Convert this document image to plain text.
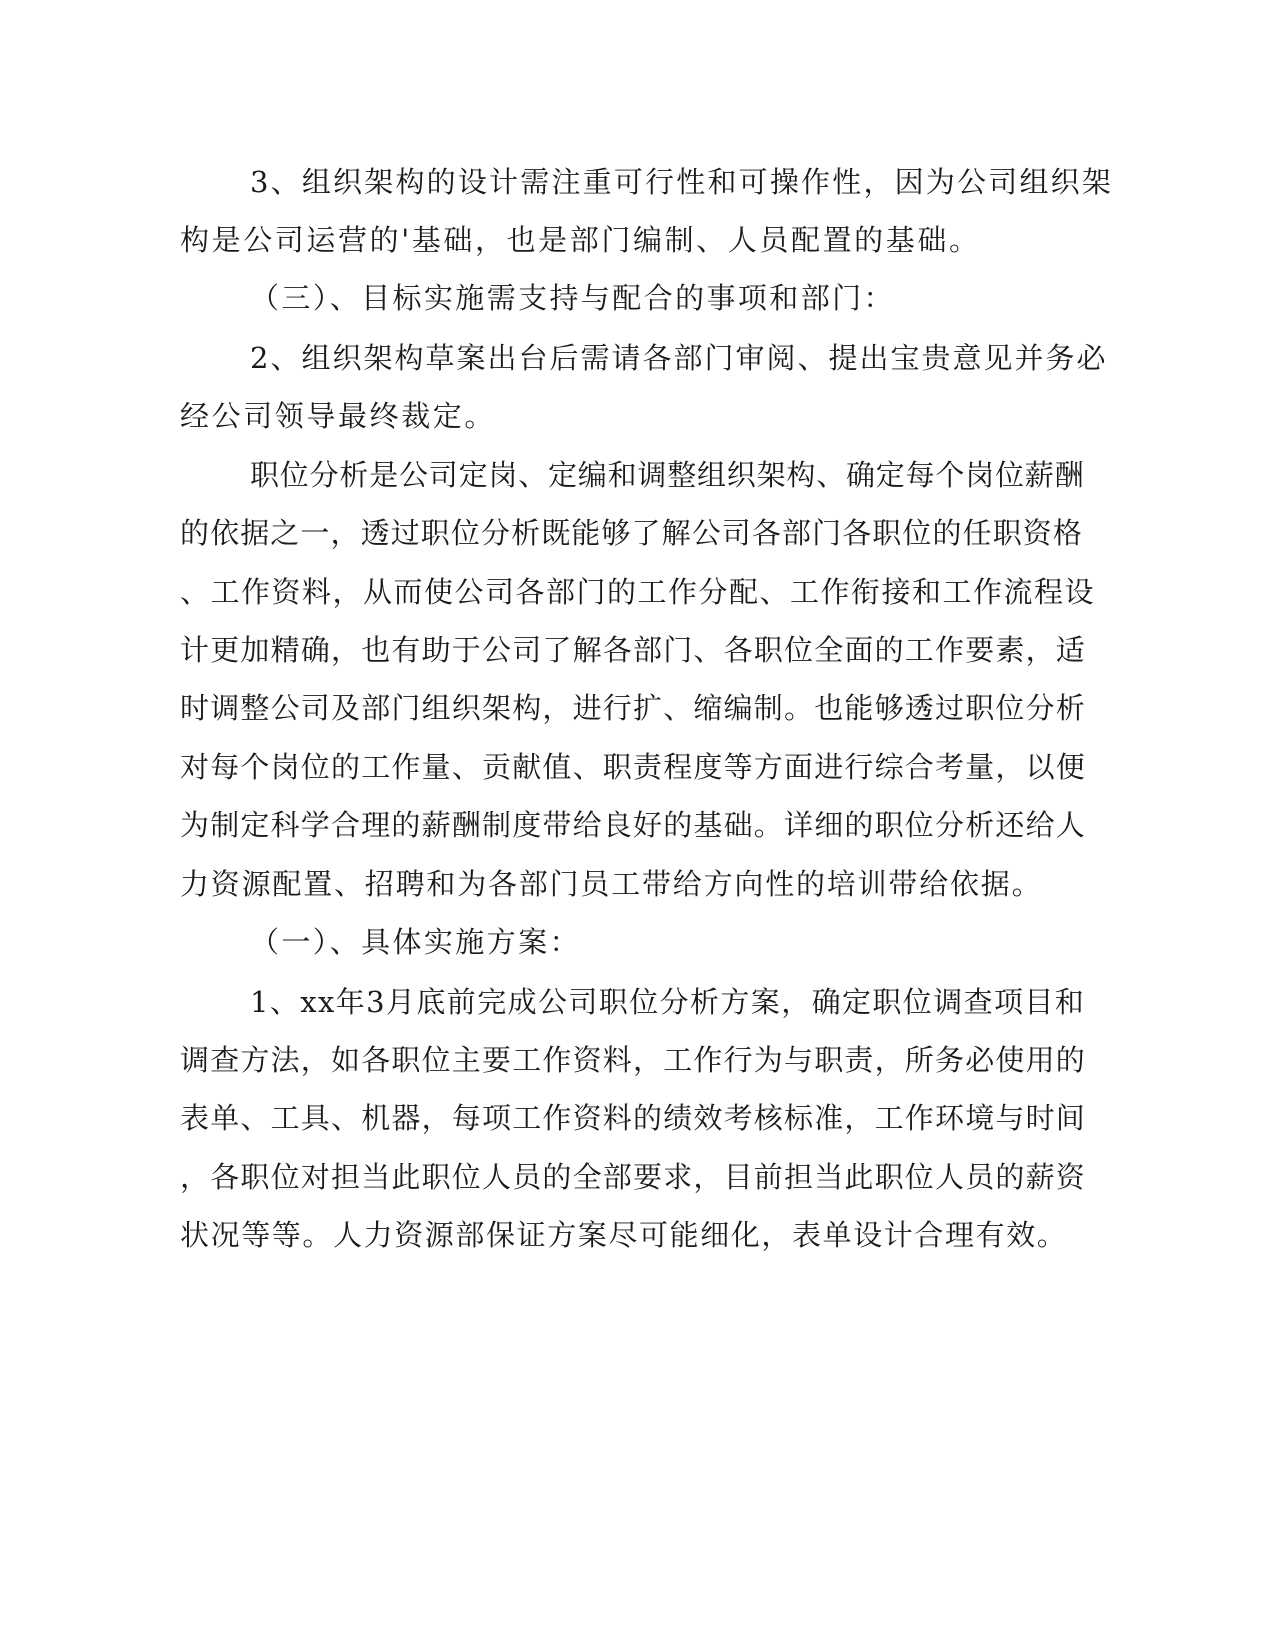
3、组织架构的设计需注重可行性和可操作性，因为公司组织架
构是公司运营的'基础，也是部门编制、人员配置的基础。
（三）、目标实施需支持与配合的事项和部门：
2、组织架构草案出台后需请各部门审阅、提出宝贵意见并务必
经公司领导最终裁定。
职位分析是公司定岗、定编和调整组织架构、确定每个岗位薪酬
的依据之一，透过职位分析既能够了解公司各部门各职位的任职资格
、工作资料，从而使公司各部门的工作分配、工作衔接和工作流程设
计更加精确，也有助于公司了解各部门、各职位全面的工作要素，适
时调整公司及部门组织架构，进行扩、缩编制。也能够透过职位分析
对每个岗位的工作量、贡献值、职责程度等方面进行综合考量，以便
为制定科学合理的薪酬制度带给良好的基础。详细的职位分析还给人
力资源配置、招聘和为各部门员工带给方向性的培训带给依据。
（一）、具体实施方案：
1、xx年3月底前完成公司职位分析方案，确定职位调查项目和
调查方法，如各职位主要工作资料，工作行为与职责，所务必使用的
表单、工具、机器，每项工作资料的绩效考核标准，工作环境与时间
，各职位对担当此职位人员的全部要求，目前担当此职位人员的薪资
状况等等。人力资源部保证方案尽可能细化，表单设计合理有效。
